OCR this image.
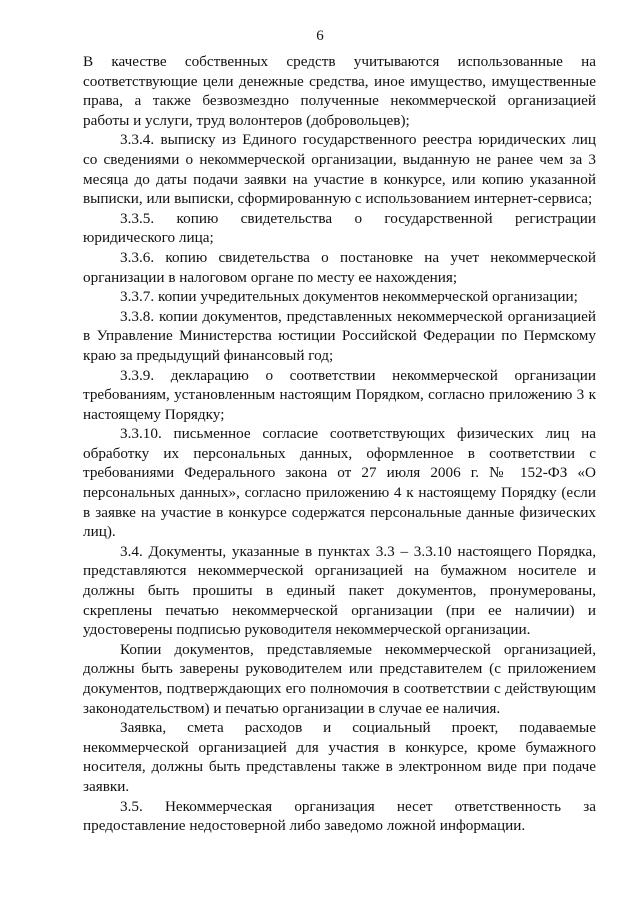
6

В качестве собственных средств учитываются использованные на соответствующие цели денежные средства, иное имущество, имущественные права, а также безвозмездно полученные некоммерческой организацией работы и услуги, труд волонтеров (добровольцев);

3.3.4. выписку из Единого государственного реестра юридических лиц со сведениями о некоммерческой организации, выданную не ранее чем за 3 месяца до даты подачи заявки на участие в конкурсе, или копию указанной выписки, или выписки, сформированную с использованием интернет-сервиса;

3.3.5. копию свидетельства о государственной регистрации юридического лица;

3.3.6. копию свидетельства о постановке на учет некоммерческой организации в налоговом органе по месту ее нахождения;

3.3.7. копии учредительных документов некоммерческой организации;

3.3.8. копии документов, представленных некоммерческой организацией в Управление Министерства юстиции Российской Федерации по Пермскому краю за предыдущий финансовый год;

3.3.9. декларацию о соответствии некоммерческой организации требованиям, установленным настоящим Порядком, согласно приложению 3 к настоящему Порядку;

3.3.10. письменное согласие соответствующих физических лиц на обработку их персональных данных, оформленное в соответствии с требованиями Федерального закона от 27 июля 2006 г. № 152-ФЗ «О персональных данных», согласно приложению 4 к настоящему Порядку (если в заявке на участие в конкурсе содержатся персональные данные физических лиц).

3.4. Документы, указанные в пунктах 3.3 – 3.3.10 настоящего Порядка, представляются некоммерческой организацией на бумажном носителе и должны быть прошиты в единый пакет документов, пронумерованы, скреплены печатью некоммерческой организации (при ее наличии) и удостоверены подписью руководителя некоммерческой организации.

Копии документов, представляемые некоммерческой организацией, должны быть заверены руководителем или представителем (с приложением документов, подтверждающих его полномочия в соответствии с действующим законодательством) и печатью организации в случае ее наличия.

Заявка, смета расходов и социальный проект, подаваемые некоммерческой организацией для участия в конкурсе, кроме бумажного носителя, должны быть представлены также в электронном виде при подаче заявки.

3.5. Некоммерческая организация несет ответственность за предоставление недостоверной либо заведомо ложной информации.
